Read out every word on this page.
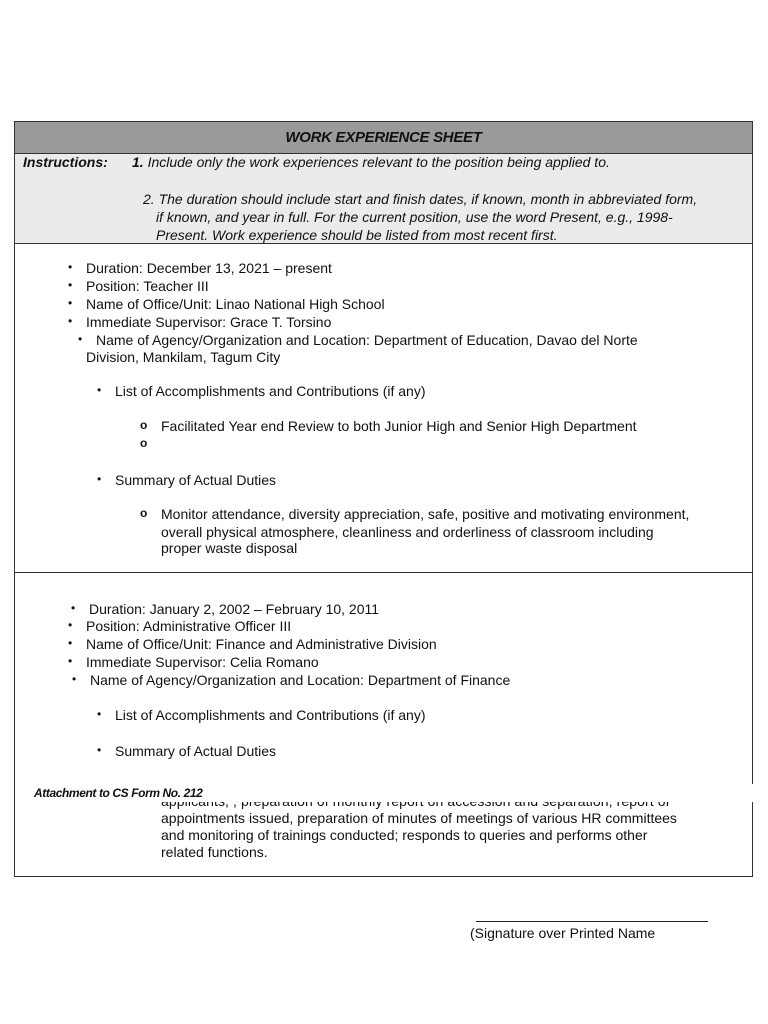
WORK EXPERIENCE SHEET
Instructions: 1. Include only the work experiences relevant to the position being applied to.
2. The duration should include start and finish dates, if known, month in abbreviated form,
if known, and year in full. For the current position, use the word Present, e.g., 1998-
Present. Work experience should be listed from most recent first.
• Duration: December 13, 2021 – present
• Position: Teacher III
• Name of Office/Unit: Linao National High School
• Immediate Supervisor: Grace T. Torsino
• Name of Agency/Organization and Location: Department of Education, Davao del Norte
Division, Mankilam, Tagum City
• List of Accomplishments and Contributions (if any)
o Facilitated Year end Review to both Junior High and Senior High Department
• Summary of Actual Duties
o Monitor attendance, diversity appreciation, safe, positive and motivating environment,
overall physical atmosphere, cleanliness and orderliness of classroom including
proper waste disposal
• Duration: January 2, 2002 – February 10, 2011
• Position: Administrative Officer III
• Name of Office/Unit: Finance and Administrative Division
• Immediate Supervisor: Celia Romano
• Name of Agency/Organization and Location: Department of Finance
• List of Accomplishments and Contributions (if any)
• Summary of Actual Duties
appointments issued, preparation of minutes of meetings of various HR committees
and monitoring of trainings conducted; responds to queries and performs other
related functions.
Attachment to CS Form No. 212
(Signature over Printed Name
